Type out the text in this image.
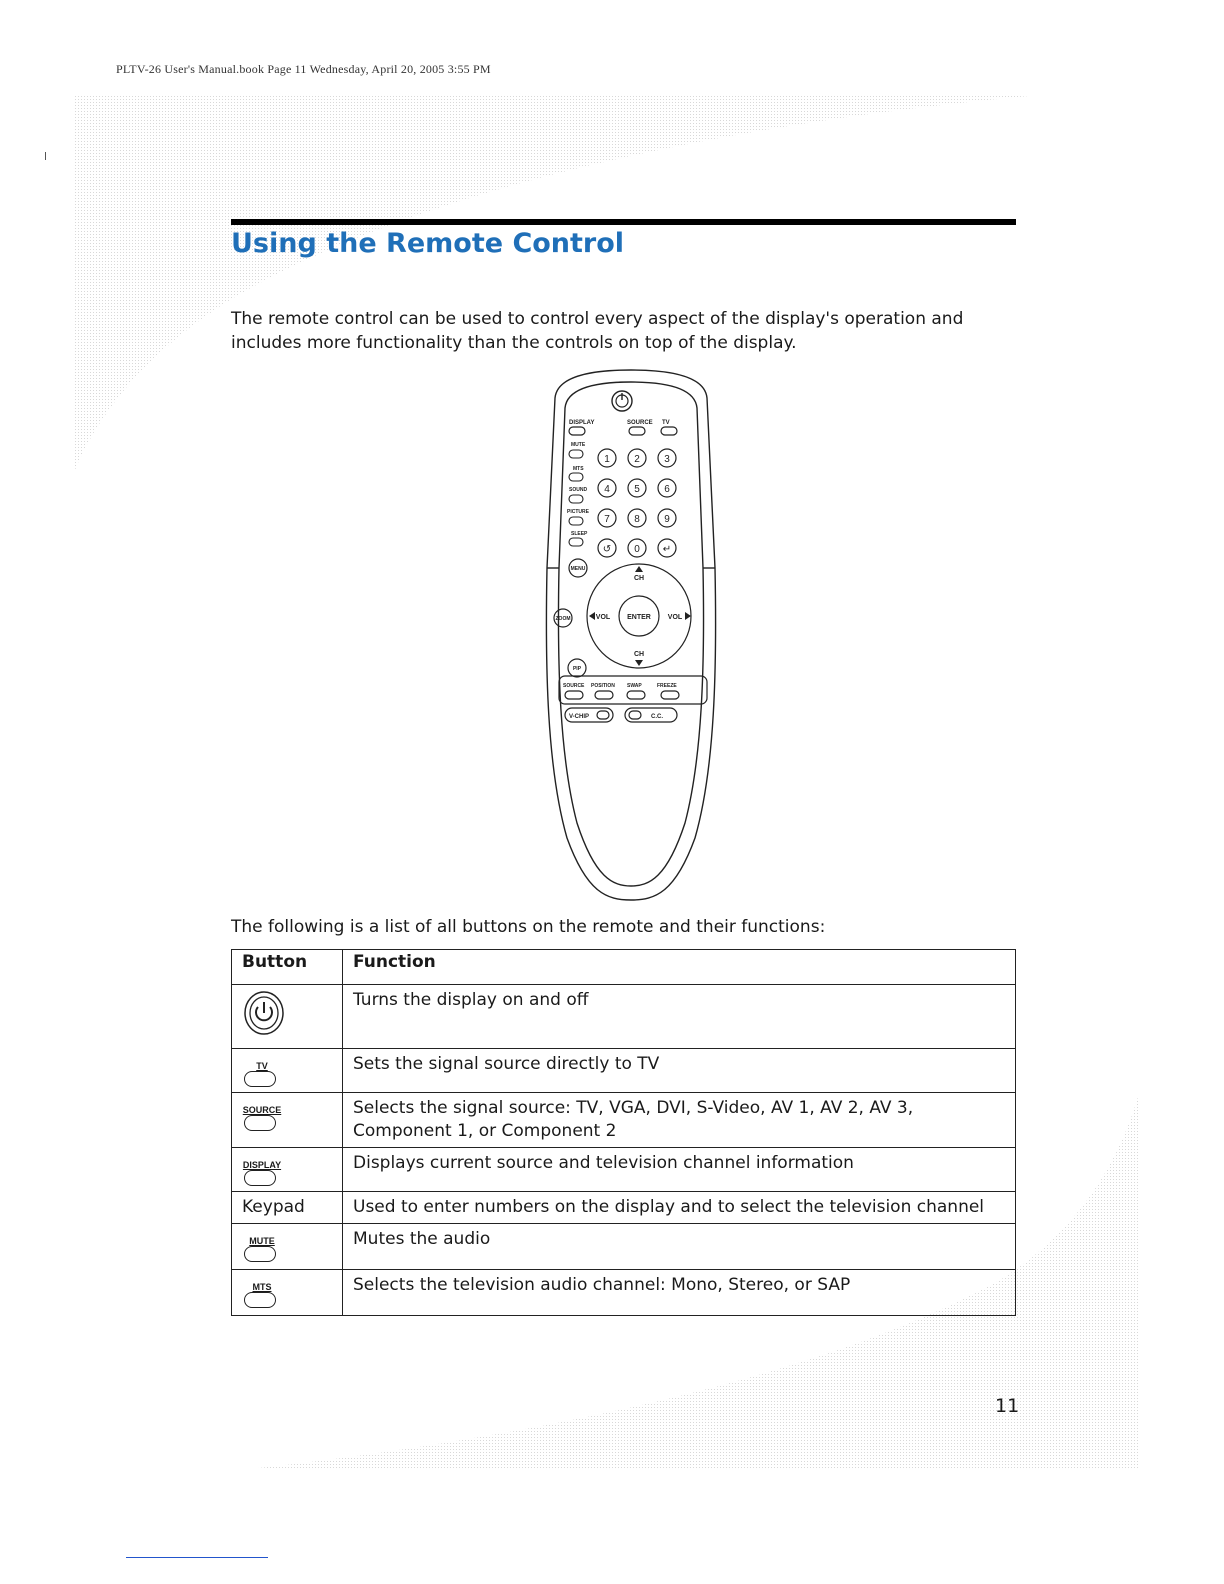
PLTV-26 User's Manual.book Page 11 Wednesday, April 20, 2005 3:55 PM
Using the Remote Control

The remote control can be used to control every aspect of the display's operation and includes more functionality than the controls on top of the display.

DISPLAY	SOURCE TV
MUTE
MTS
SOUND
PICTURE
SLEEP
1 2 3
4 5 6
7 8 9
0
↺	↵
MENU
ZOOM
PIP
CH
CH
VOL	VOL
ENTER
SOURCE POSITION SWAP	FREEZE
V-CHIP	C.C.

The following is a list of all buttons on the remote and their functions:

Button	Function
	Turns the display on and off

TV	Sets the signal source directly to TV

SOURCE	Selects the signal source: TV, VGA, DVI, S-Video, AV 1, AV 2, AV 3, Component 1, or Component 2

DISPLAY	Displays current source and television channel information
Keypad	Used to enter numbers on the display and to select the television channel

MUTE	Mutes the audio

MTS	Selects the television audio channel: Mono, Stereo, or SAP

11
